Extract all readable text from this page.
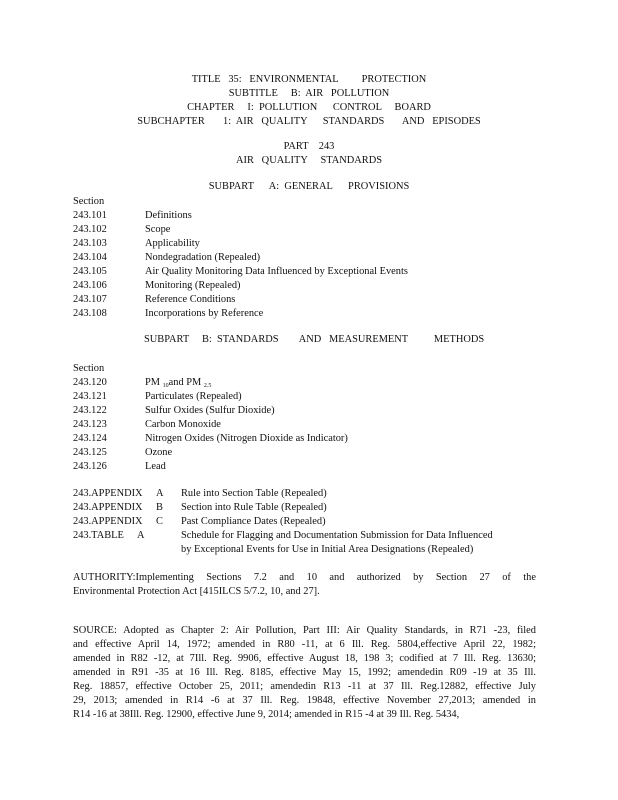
TITLE   35:   ENVIRONMENTAL         PROTECTION
SUBTITLE     B:  AIR   POLLUTION
CHAPTER     I:  POLLUTION      CONTROL     BOARD
SUBCHAPTER       1:  AIR   QUALITY      STANDARDS       AND   EPISODES
PART    243
AIR   QUALITY     STANDARDS
SUBPART      A:  GENERAL      PROVISIONS
Section
243.101	Definitions
243.102	Scope
243.103	Applicability
243.104	Nondegradation (Repealed)
243.105	Air Quality Monitoring Data Influenced by Exceptional Events
243.106	Monitoring (Repealed)
243.107	Reference Conditions
243.108	Incorporations by Reference
SUBPART     B:  STANDARDS        AND   MEASUREMENT          METHODS
Section
243.120	PM $_{10}$and PM $_{2.5}$
243.121	Particulates (Repealed)
243.122	Sulfur Oxides (Sulfur Dioxide)
243.123	Carbon Monoxide
243.124	Nitrogen Oxides (Nitrogen Dioxide as Indicator)
243.125	Ozone
243.126	Lead
243.APPENDIX A Rule into Section Table (Repealed)
243.APPENDIX B Section into Rule Table (Repealed)
243.APPENDIX C Past Compliance Dates (Repealed)
243.TABLE A	Schedule for Flagging and Documentation Submission for Data Influenced
by Exceptional Events for Use in Initial Area Designations (Repealed)
AUTHORITY:Implementing Sections 7.2 and 10 and authorized by Section 27 of the
Environmental Protection Act [415ILCS 5/7.2, 10, and 27].
SOURCE: Adopted as Chapter 2: Air Pollution, Part III: Air Quality Standards, in R71 -23, filed
and effective April 14, 1972; amended in R80 -11, at 6 Ill. Reg. 5804,effective April 22, 1982;
amended in R82 -12, at 7Ill. Reg. 9906, effective August 18, 198 3; codified at 7 Ill. Reg. 13630;
amended in R91 -35 at 16 Ill. Reg. 8185, effective May 15, 1992; amendedin R09 -19 at 35 Ill.
Reg. 18857, effective October 25, 2011; amendedin R13 -11 at 37 Ill. Reg.12882, effective July
29, 2013; amended in R14 -6 at 37 Ill. Reg. 19848, effective November 27,2013; amended in
R14 -16 at 38Ill. Reg. 12900, effective June 9, 2014; amended in R15 -4 at 39 Ill. Reg. 5434,
